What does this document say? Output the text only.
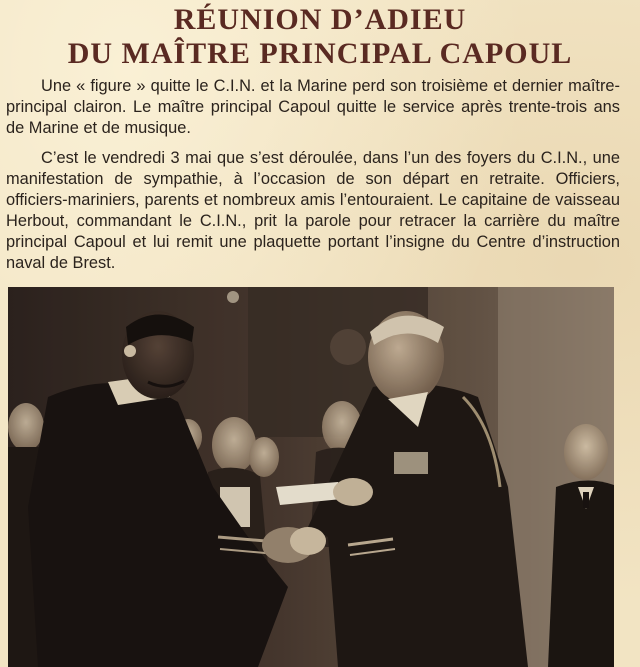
RÉUNION D’ADIEU
DU MAÎTRE PRINCIPAL CAPOUL

Une « figure » quitte le C.I.N. et la Marine perd son troisième et dernier maître-principal clairon. Le maître principal Capoul quitte le service après trente-trois ans de Marine et de musique.

C’est le vendredi 3 mai que s’est déroulée, dans l’un des foyers du C.I.N., une manifestation de sympathie, à l’occasion de son départ en retraite. Officiers, officiers-mariniers, parents et nombreux amis l’entouraient. Le capitaine de vaisseau Herbout, commandant le C.I.N., prit la parole pour retracer la carrière du maître principal Capoul et lui remit une plaquette portant l’insigne du Centre d’instruction naval de Brest.
